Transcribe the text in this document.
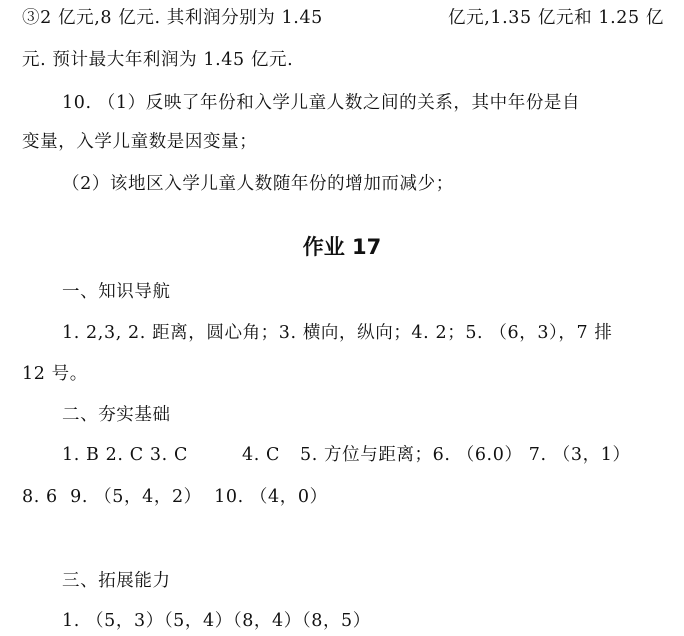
③2 亿元,8 亿元. 其利润分别为 1.45	亿元,1.35 亿元和 1.25 亿
元. 预计最大年利润为 1.45 亿元.
10. （1）反映了年份和入学儿童人数之间的关系，其中年份是自
变量，入学儿童数是因变量；
（2）该地区入学儿童人数随年份的增加而减少；
作业 17
一、知识导航
1. 2,3, 2. 距离，圆心角；3. 横向，纵向；4. 2；5. （6，3），7 排
12 号。
二、夯实基础
1. B 2. C 3. C	4. C 5. 方位与距离；6. （6.0） 7. （3，1）
8. 6  9. （5，4，2）  10. （4，0）
三、拓展能力
1. （5，3）（5，4）（8，4）（8，5）
